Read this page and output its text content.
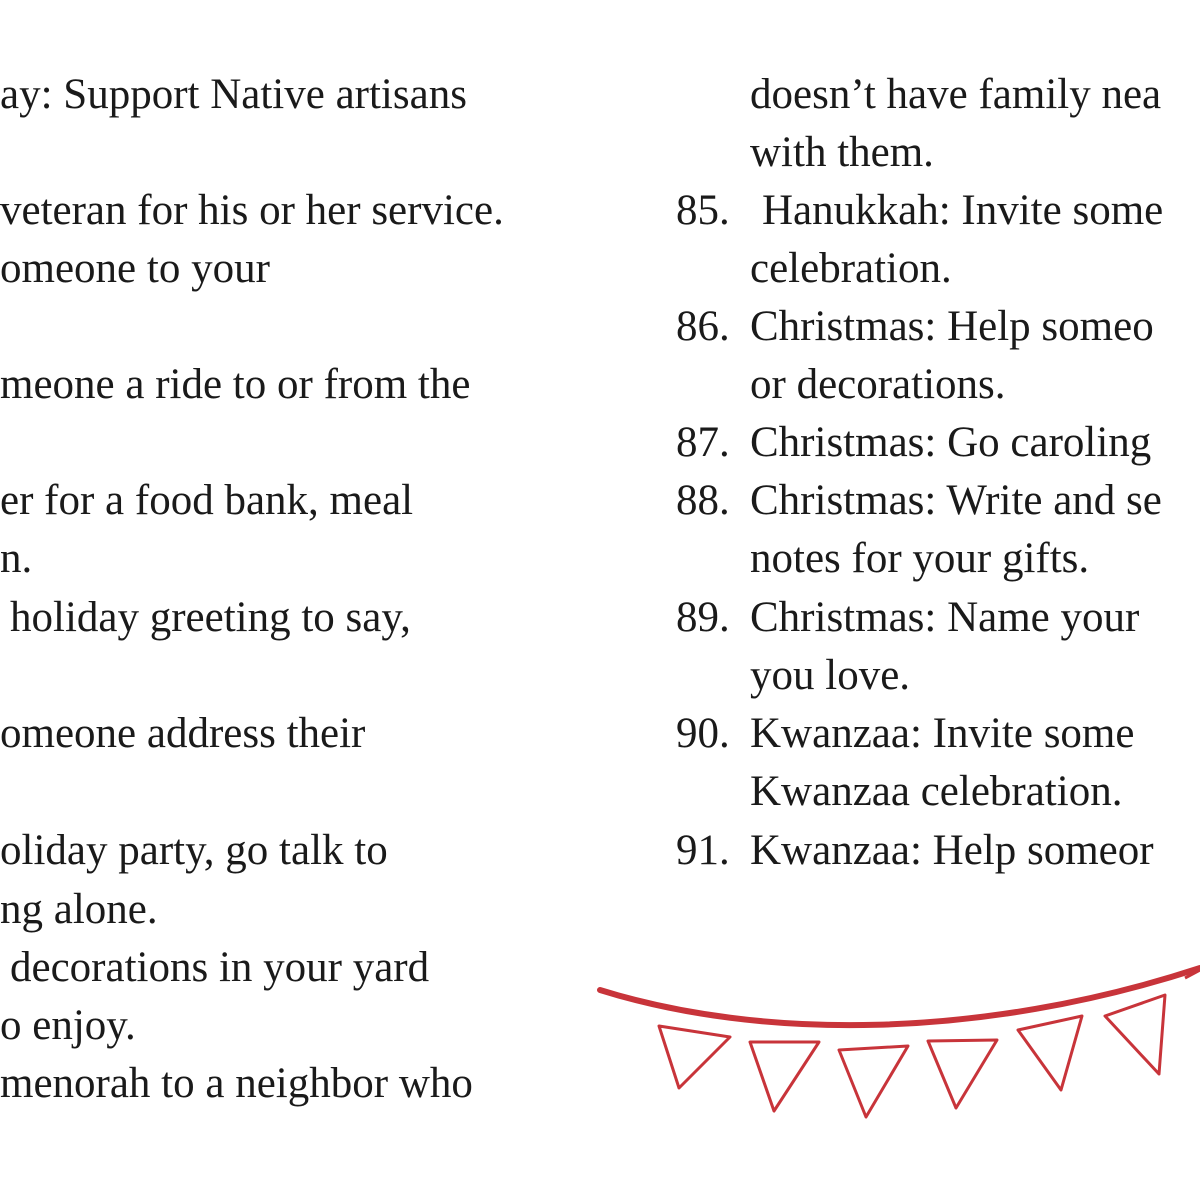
ay: Support Native artisans
veteran for his or her service.
omeone to your
meone a ride to or from the
er for a food bank, meal
n.
holiday greeting to say,
omeone address their
oliday party, go talk to
ng alone.
decorations in your yard
o enjoy.
menorah to a neighbor who
doesn’t have family nea
with them.
85. Hanukkah: Invite some
celebration.
86. Christmas: Help someo
or decorations.
87. Christmas: Go caroling
88. Christmas: Write and se
notes for your gifts.
89. Christmas: Name your
you love.
90. Kwanzaa: Invite some
Kwanzaa celebration.
91. Kwanzaa: Help someor
